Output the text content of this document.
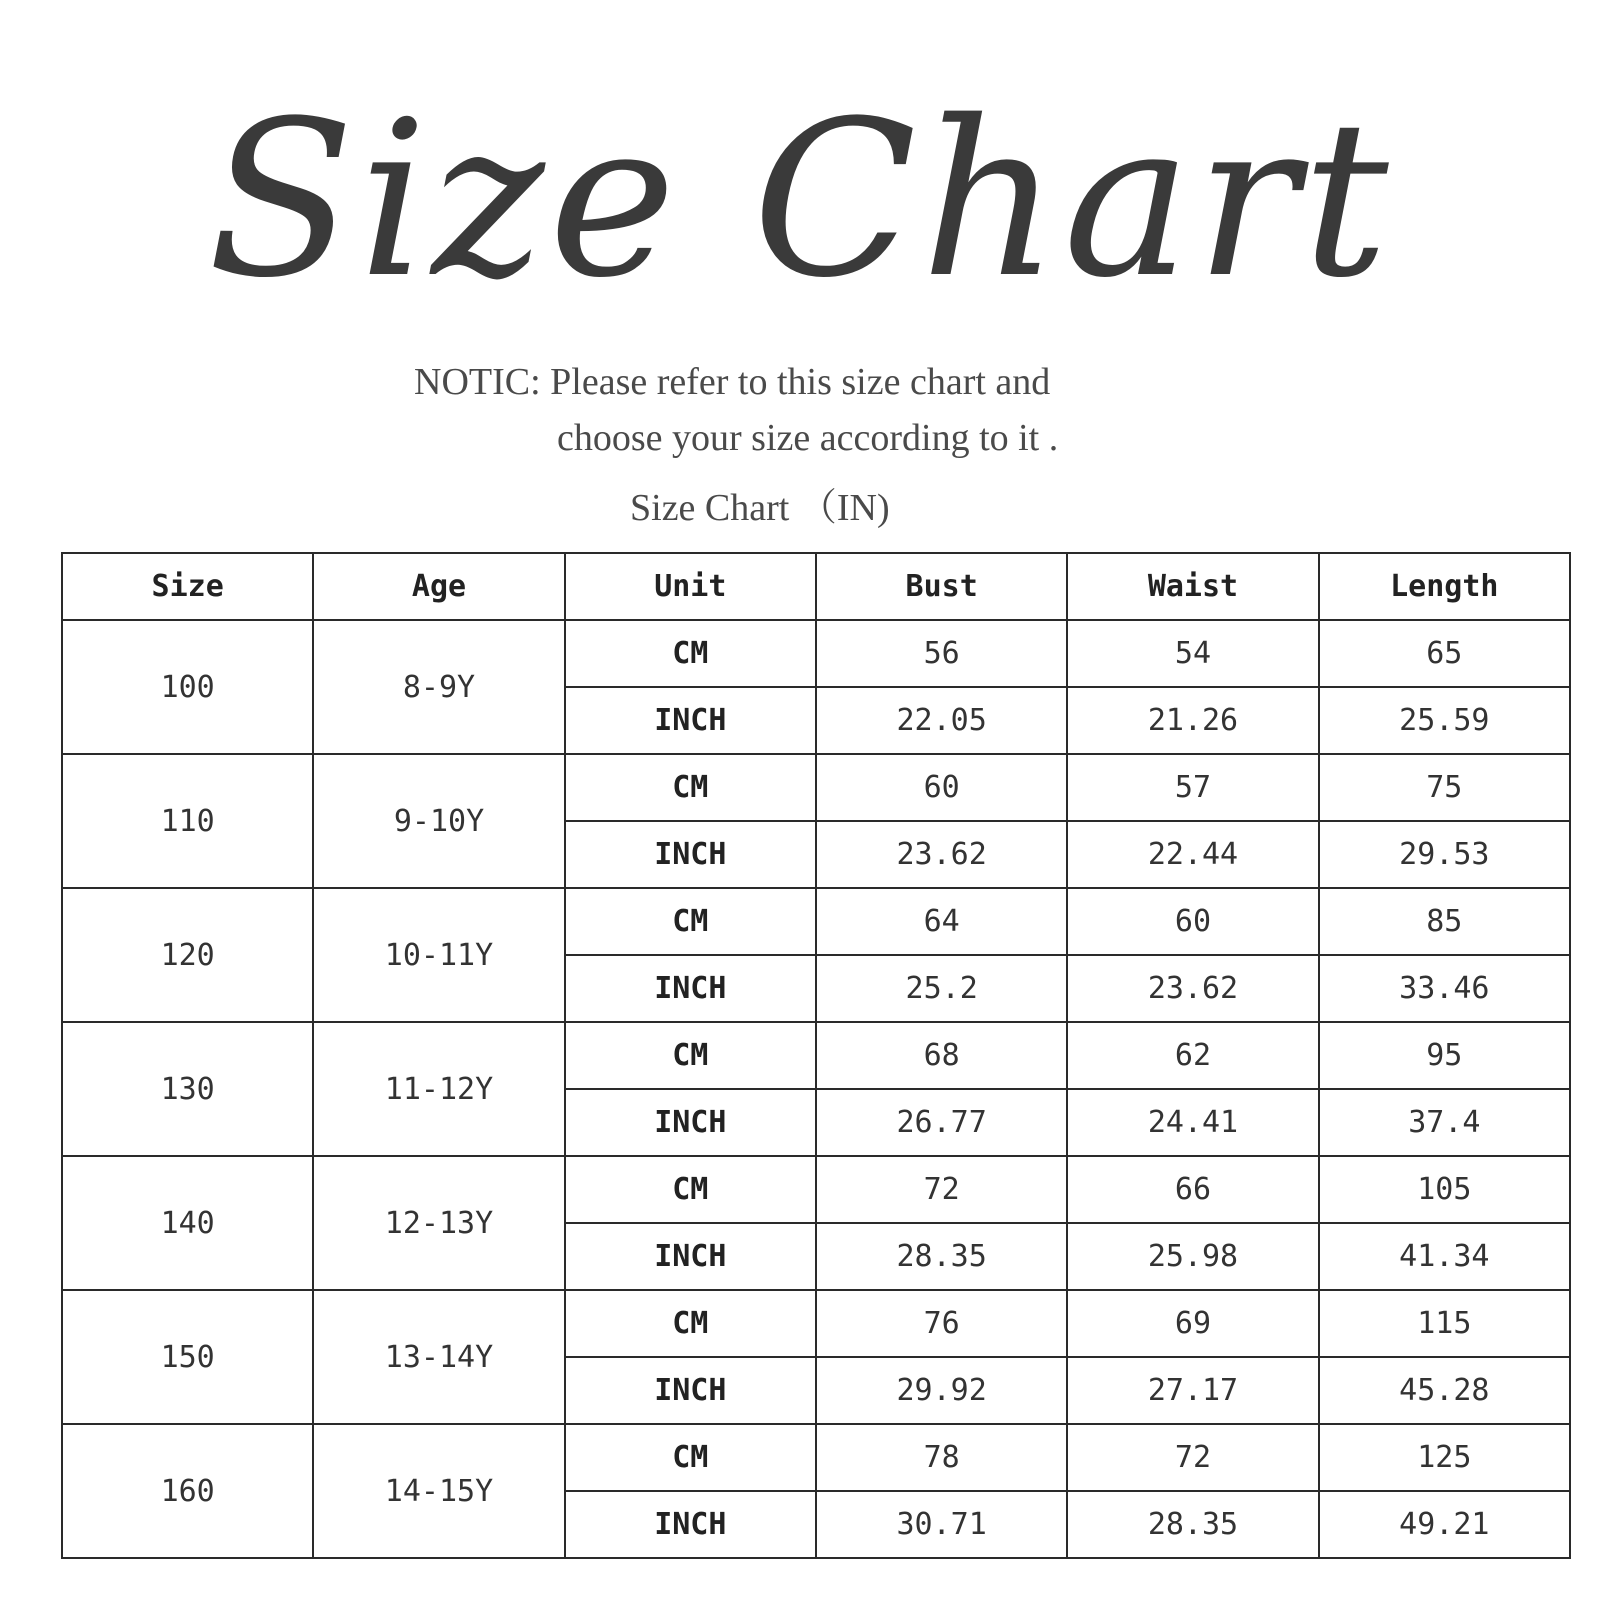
Size Chart
NOTIC: Please refer to this size chart and
choose your size according to it .
Size Chart （IN)
Size	Age	Unit	Bust	Waist	Length
100	8-9Y	CM	56	54	65
		INCH	22.05	21.26	25.59
110	9-10Y	CM	60	57	75
		INCH	23.62	22.44	29.53
120	10-11Y	CM	64	60	85
		INCH	25.2	23.62	33.46
130	11-12Y	CM	68	62	95
		INCH	26.77	24.41	37.4
140	12-13Y	CM	72	66	105
		INCH	28.35	25.98	41.34
150	13-14Y	CM	76	69	115
		INCH	29.92	27.17	45.28
160	14-15Y	CM	78	72	125
		INCH	30.71	28.35	49.21
